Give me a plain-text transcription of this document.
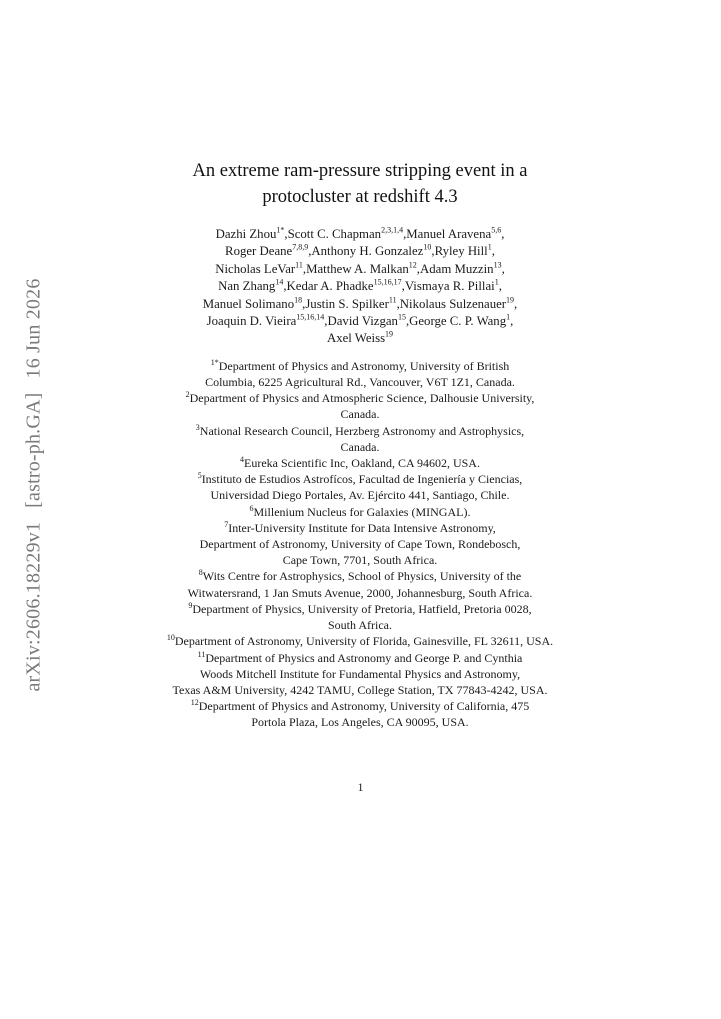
arXiv:2606.18229v1[astro-ph.GA]16 Jun 2026
An extreme ram-pressure stripping event in a
protocluster at redshift 4.3
Dazhi Zhou$^{1*}$,Scott C. Chapman$^{2,3,1,4}$,Manuel Aravena$^{5,6}$,
Roger Deane$^{7,8,9}$,Anthony H. Gonzalez$^{10}$,Ryley Hill$^1$,
Nicholas LeVar$^{11}$,Matthew A. Malkan$^{12}$,Adam Muzzin$^{13}$,
Nan Zhang$^{14}$,Kedar A. Phadke$^{15,16,17}$,Vismaya R. Pillai$^1$,
Manuel Solimano$^{18}$,Justin S. Spilker$^{11}$,Nikolaus Sulzenauer$^{19}$,
Joaquin D. Vieira$^{15,16,14}$,David Vizgan$^{15}$,George C. P. Wang$^1$,
Axel Weiss$^{19}$
$^{1*}$Department of Physics and Astronomy, University of British
Columbia, 6225 Agricultural Rd., Vancouver, V6T 1Z1, Canada.
$^2$Department of Physics and Atmospheric Science, Dalhousie University,
Canada.
$^3$National Research Council, Herzberg Astronomy and Astrophysics,
Canada.
$^4$Eureka Scientific Inc, Oakland, CA 94602, USA.
$^5$Instituto de Estudios Astrofícos, Facultad de Ingeniería y Ciencias,
Universidad Diego Portales, Av. Ejército 441, Santiago, Chile.
$^6$Millenium Nucleus for Galaxies (MINGAL).
$^7$Inter-University Institute for Data Intensive Astronomy,
Department of Astronomy, University of Cape Town, Rondebosch,
Cape Town, 7701, South Africa.
$^8$Wits Centre for Astrophysics, School of Physics, University of the
Witwatersrand, 1 Jan Smuts Avenue, 2000, Johannesburg, South Africa.
$^9$Department of Physics, University of Pretoria, Hatfield, Pretoria 0028,
South Africa.
$^{10}$Department of Astronomy, University of Florida, Gainesville, FL 32611, USA.
$^{11}$Department of Physics and Astronomy and George P. and Cynthia
Woods Mitchell Institute for Fundamental Physics and Astronomy,
Texas A&M University, 4242 TAMU, College Station, TX 77843-4242, USA.
$^{12}$Department of Physics and Astronomy, University of California, 475
Portola Plaza, Los Angeles, CA 90095, USA.
1
